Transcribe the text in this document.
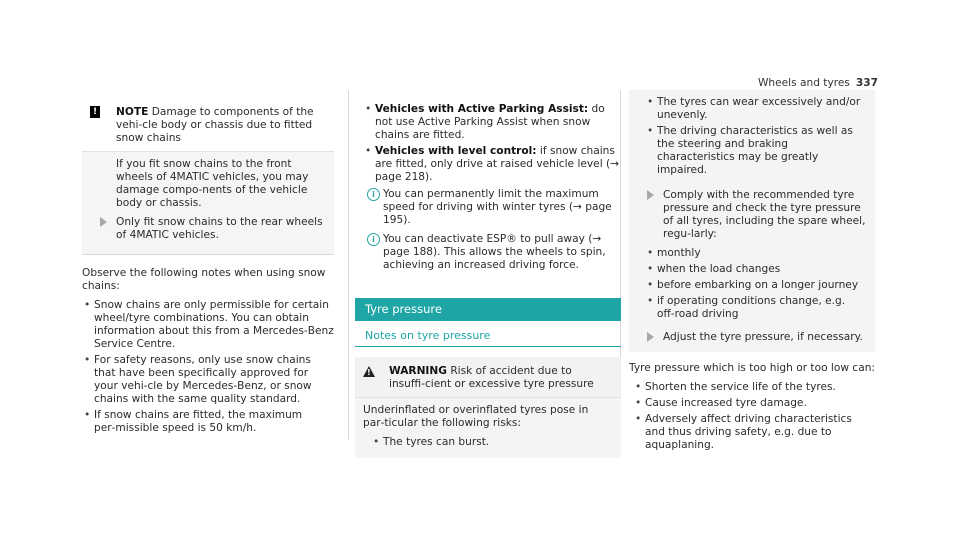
Wheels and tyres 337
!	NOTE Damage to components of the vehi‑cle body or chassis due to fitted snow chains

If you fit snow chains to the front wheels of 4MATIC vehicles, you may damage compo‑nents of the vehicle body or chassis.

Only fit snow chains to the rear wheels of 4MATIC vehicles.

Observe the following notes when using snow chains:

• Snow chains are only permissible for certain wheel/tyre combinations. You can obtain information about this from a Mercedes‑Benz Service Centre.
• For safety reasons, only use snow chains that have been specifically approved for your vehi‑cle by Mercedes‑Benz, or snow chains with the same quality standard.
• If snow chains are fitted, the maximum per‑missible speed is 50 km/h.
• Vehicles with Active Parking Assist: do not use Active Parking Assist when snow chains are fitted.
• Vehicles with level control: if snow chains are fitted, only drive at raised vehicle level (→ page 218).
i You can permanently limit the maximum speed for driving with winter tyres (→ page 195).
i You can deactivate ESP® to pull away (→ page 188). This allows the wheels to spin, achieving an increased driving force.
Tyre pressure
Notes on tyre pressure
!	WARNING Risk of accident due to insuffi‑cient or excessive tyre pressure

Underinflated or overinflated tyres pose in par‑ticular the following risks:

• The tyres can burst.
• The tyres can wear excessively and/or unevenly.
• The driving characteristics as well as the steering and braking characteristics may be greatly impaired.
Comply with the recommended tyre pressure and check the tyre pressure of all tyres, including the spare wheel, regu‑larly:
• monthly
• when the load changes
• before embarking on a longer journey
• if operating conditions change, e.g. off‑road driving
Adjust the tyre pressure, if necessary.

Tyre pressure which is too high or too low can:

• Shorten the service life of the tyres.
• Cause increased tyre damage.
• Adversely affect driving characteristics and thus driving safety, e.g. due to aquaplaning.
